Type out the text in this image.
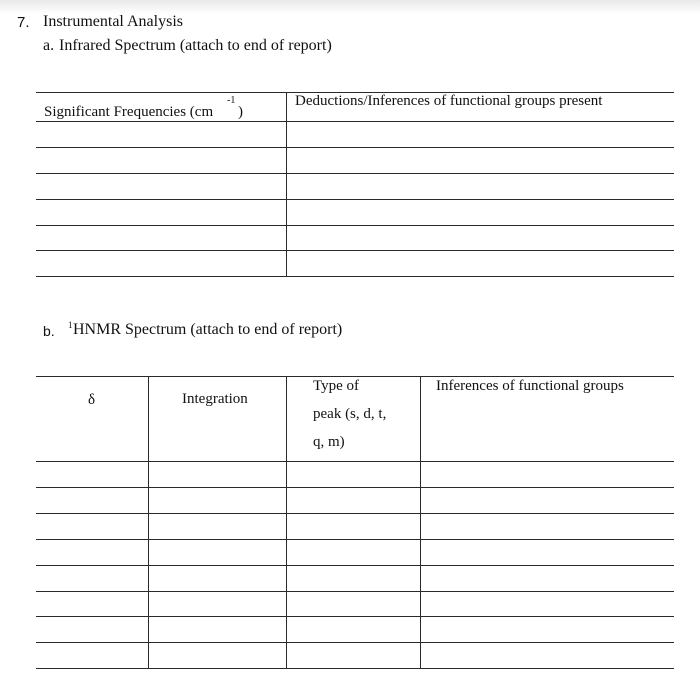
7. Instrumental Analysis
a. Infrared Spectrum (attach to end of report)
Significant Frequencies (cm
-1
)
Deductions/Inferences of functional groups present
b. 1 HNMR Spectrum (attach to end of report)
δ	Integration
Type of
peak (s, d, t,
q, m)
Inferences of functional groups
